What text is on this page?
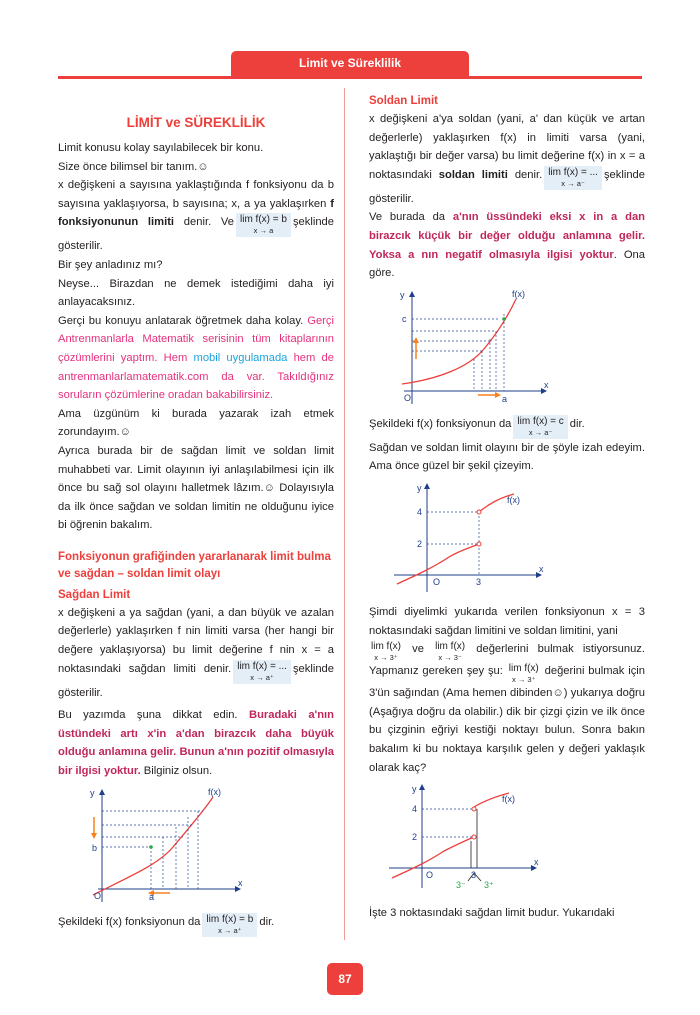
Limit ve Süreklilik
LİMİT ve SÜREKLİLİK

Limit konusu kolay sayılabilecek bir konu.

Size önce bilimsel bir tanım.☺

x değişkeni a sayısına yaklaştığında f fonksiyonu da b sayısına yaklaşıyorsa, b sayısına; x, a ya yaklaşırken f fonksiyonunun limiti denir. Ve lim f(x) = b
x → a
şeklinde gösterilir.

Bir şey anladınız mı?

Neyse... Birazdan ne demek istediğimi daha iyi anlayacaksınız.

Gerçi bu konuyu anlatarak öğretmek daha kolay. Gerçi Antrenmanlarla Matematik serisinin tüm kitaplarının çözümlerini yaptım. Hem mobil uygulamada hem de antrenmanlarlamatematik.com da var. Takıldığınız soruların çözümlerine oradan bakabilirsiniz.

Ama üzgünüm ki burada yazarak izah etmek zorundayım.☺

Ayrıca burada bir de sağdan limit ve soldan limit muhabbeti var. Limit olayının iyi anlaşılabilmesi için ilk önce bu sağ sol olayını halletmek lâzım.☺ Dolayısıyla da ilk önce sağdan ve soldan limitin ne olduğunu iyice bi öğrenin bakalım.

Fonksiyonun grafiğinden yararlanarak limit bulma ve sağdan – soldan limit olayı

Sağdan Limit

x değişkeni a ya sağdan (yani, a dan büyük ve azalan değerlerle) yaklaşırken f nin limiti varsa (her hangi bir değere yaklaşıyorsa) bu limit değerine f nin x = a noktasındaki sağdan limiti denir. lim f(x) = ...
x → a⁺
şeklinde gösterilir.

Bu yazımda şuna dikkat edin. Buradaki a'nın üstündeki artı x'in a'dan birazcık daha büyük olduğu anlamına gelir. Bunun a'nın pozitif olmasıyla bir ilgisi yoktur. Bilginiz olsun.

y
x
f(x)
b
a
O

Şekildeki f(x) fonksiyonun da lim f(x) = b
x → a⁺
dir.

Soldan Limit

x değişkeni a'ya soldan (yani, a' dan küçük ve artan değerlerle) yaklaşırken f(x) in limiti varsa (yani, yaklaştığı bir değer varsa) bu limit değerine f(x) in x = a noktasındaki soldan limiti denir. lim f(x) = ...
x → a⁻
şeklinde gösterilir.

Ve burada da a'nın üssündeki eksi x in a dan birazcık küçük bir değer olduğu anlamına gelir. Yoksa a nın negatif olmasıyla ilgisi yoktur. Ona göre.

y
x
f(x)
c
a
O

Şekildeki f(x) fonksiyonun da lim f(x) = c
x → a⁻
dir.

Sağdan ve soldan limit olayını bir de şöyle izah edeyim. Ama önce güzel bir şekil çizeyim.

y
x
f(x)
4
2
O	3

Şimdi diyelimki yukarıda verilen fonksiyonun x = 3 noktasındaki sağdan limitini ve soldan limitini, yani
lim f(x)
x → 3⁺
ve lim f(x)
x → 3⁻
değerlerini bulmak istiyorsunuz. Yapmanız gereken şey şu: lim f(x)
x → 3⁺
değerini bulmak için 3'ün sağından (Ama hemen dibinden☺) yukarıya doğru (Aşağıya doğru da olabilir.) dik bir çizgi çizin ve ilk önce bu çizginin eğriyi kestiği noktayı bulun. Sonra bakın bakalım ki bu noktaya karşılık gelen y değeri yaklaşık olarak kaç?

y
x
f(x)
4
2
O	3
3⁻ 3⁺

İşte 3 noktasındaki sağdan limit budur. Yukarıdaki

87
